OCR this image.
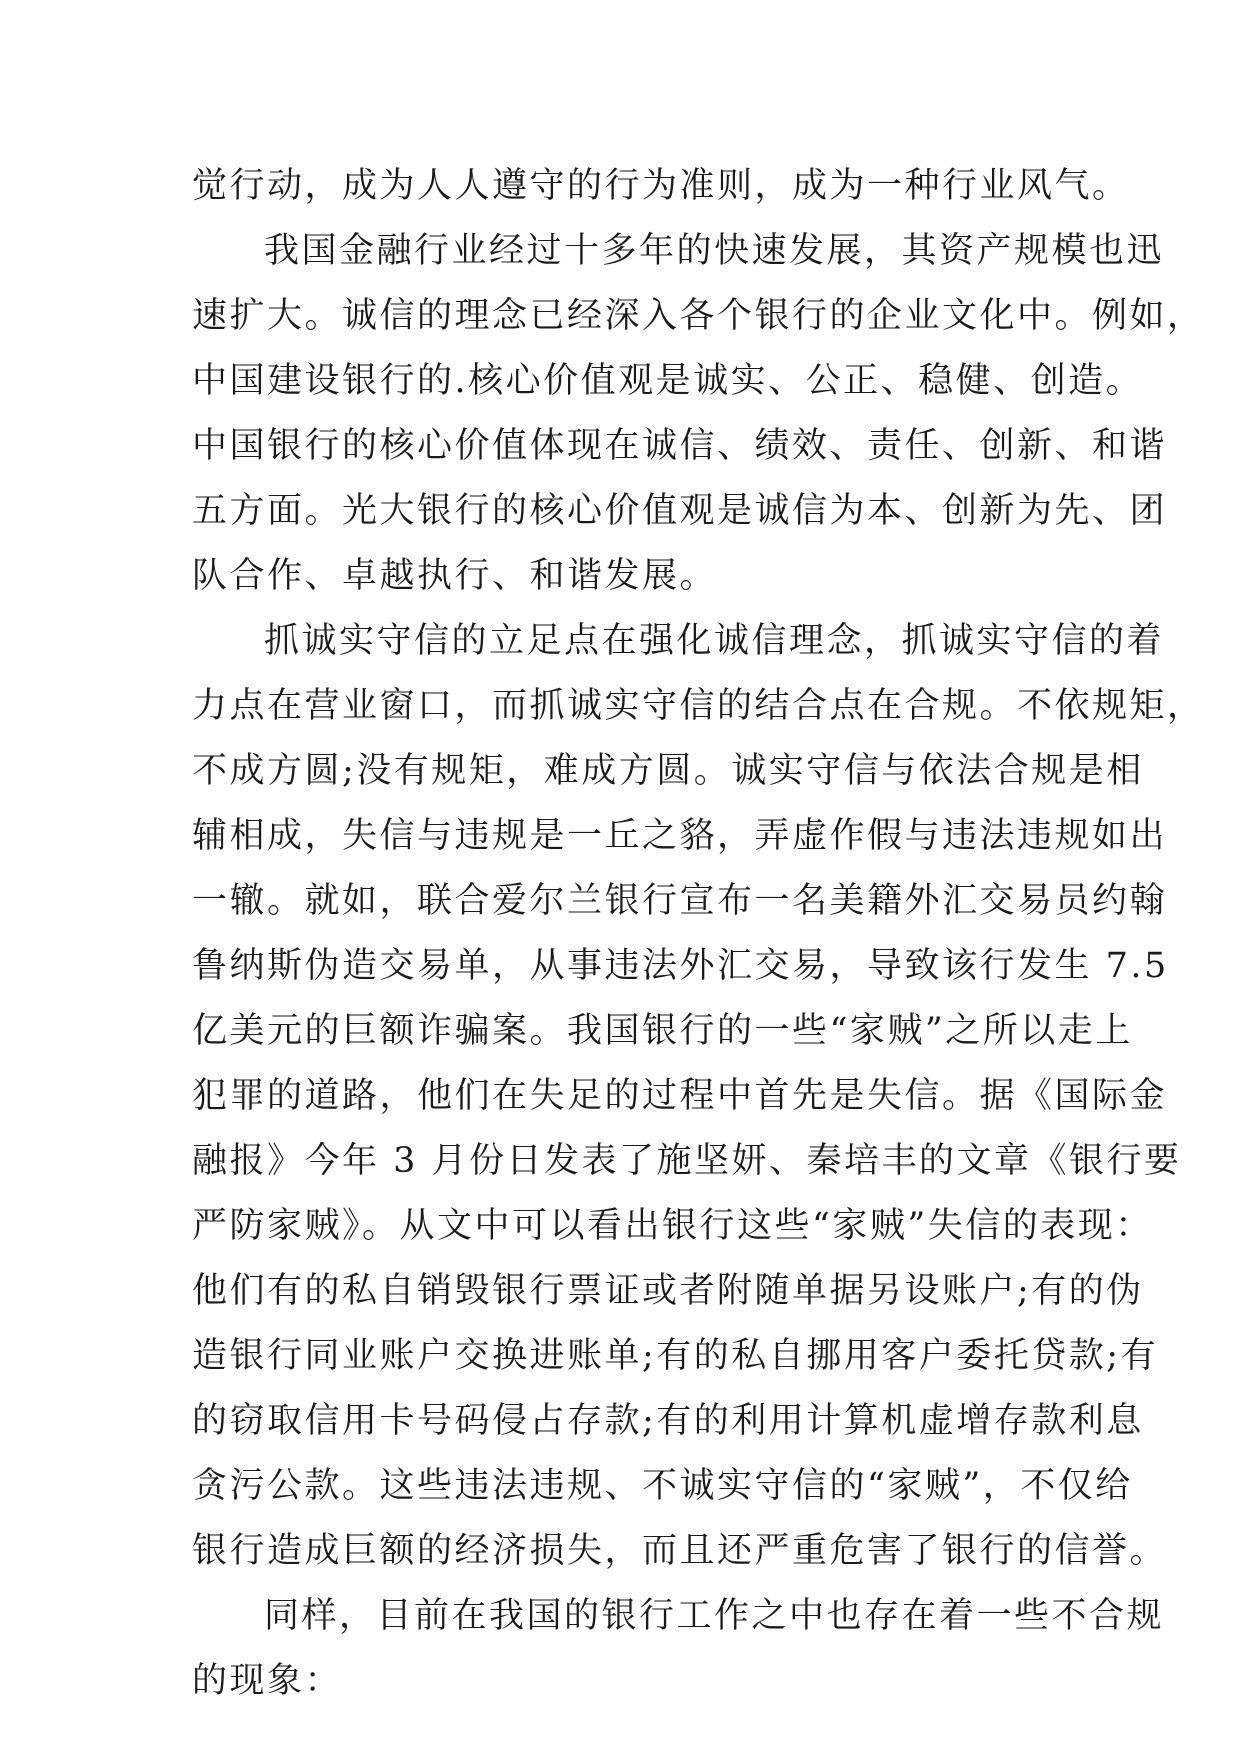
觉行动，成为人人遵守的行为准则，成为一种行业风气。
我国金融行业经过十多年的快速发展，其资产规模也迅
速扩大。诚信的理念已经深入各个银行的企业文化中。例如，
中国建设银行的.核心价值观是诚实、公正、稳健、创造。
中国银行的核心价值体现在诚信、绩效、责任、创新、和谐
五方面。光大银行的核心价值观是诚信为本、创新为先、团
队合作、卓越执行、和谐发展。
抓诚实守信的立足点在强化诚信理念，抓诚实守信的着
力点在营业窗口，而抓诚实守信的结合点在合规。不依规矩，
不成方圆;没有规矩，难成方圆。诚实守信与依法合规是相
辅相成，失信与违规是一丘之貉，弄虚作假与违法违规如出
一辙。就如，联合爱尔兰银行宣布一名美籍外汇交易员约翰
鲁纳斯伪造交易单，从事违法外汇交易，导致该行发生 7.5
亿美元的巨额诈骗案。我国银行的一些“家贼”之所以走上
犯罪的道路，他们在失足的过程中首先是失信。据《国际金
融报》今年 3 月份日发表了施坚妍、秦培丰的文章《银行要
严防家贼》。从文中可以看出银行这些“家贼”失信的表现：
他们有的私自销毁银行票证或者附随单据另设账户;有的伪
造银行同业账户交换进账单;有的私自挪用客户委托贷款;有
的窃取信用卡号码侵占存款;有的利用计算机虚增存款利息
贪污公款。这些违法违规、不诚实守信的“家贼”，不仅给
银行造成巨额的经济损失，而且还严重危害了银行的信誉。
同样，目前在我国的银行工作之中也存在着一些不合规
的现象：
